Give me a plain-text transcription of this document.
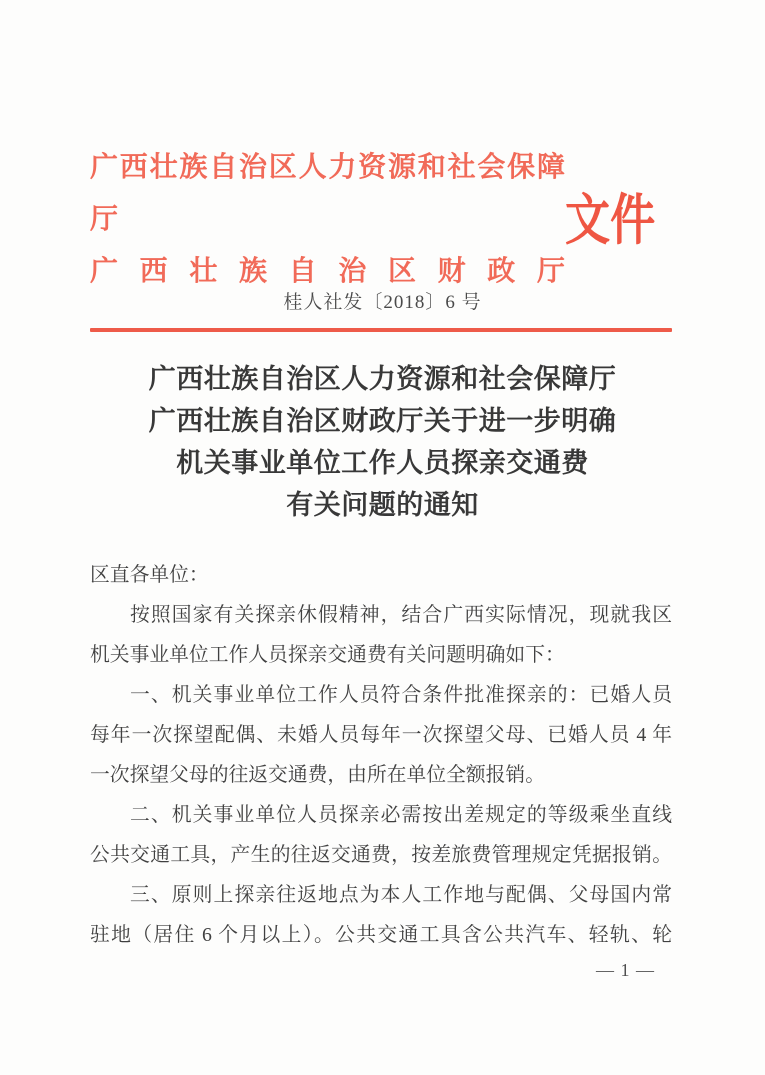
广西壮族自治区人力资源和社会保障厅
广西壮族自治区财政厅
文件
桂人社发〔2018〕6 号
广西壮族自治区人力资源和社会保障厅
广西壮族自治区财政厅关于进一步明确
机关事业单位工作人员探亲交通费
有关问题的通知
区直各单位：
按照国家有关探亲休假精神，结合广西实际情况，现就我区
机关事业单位工作人员探亲交通费有关问题明确如下：
一、机关事业单位工作人员符合条件批准探亲的：已婚人员
每年一次探望配偶、未婚人员每年一次探望父母、已婚人员 4 年
一次探望父母的往返交通费，由所在单位全额报销。
二、机关事业单位人员探亲必需按出差规定的等级乘坐直线
公共交通工具，产生的往返交通费，按差旅费管理规定凭据报销。
三、原则上探亲往返地点为本人工作地与配偶、父母国内常
驻地（居住 6 个月以上）。公共交通工具含公共汽车、轻轨、轮
— 1 —
